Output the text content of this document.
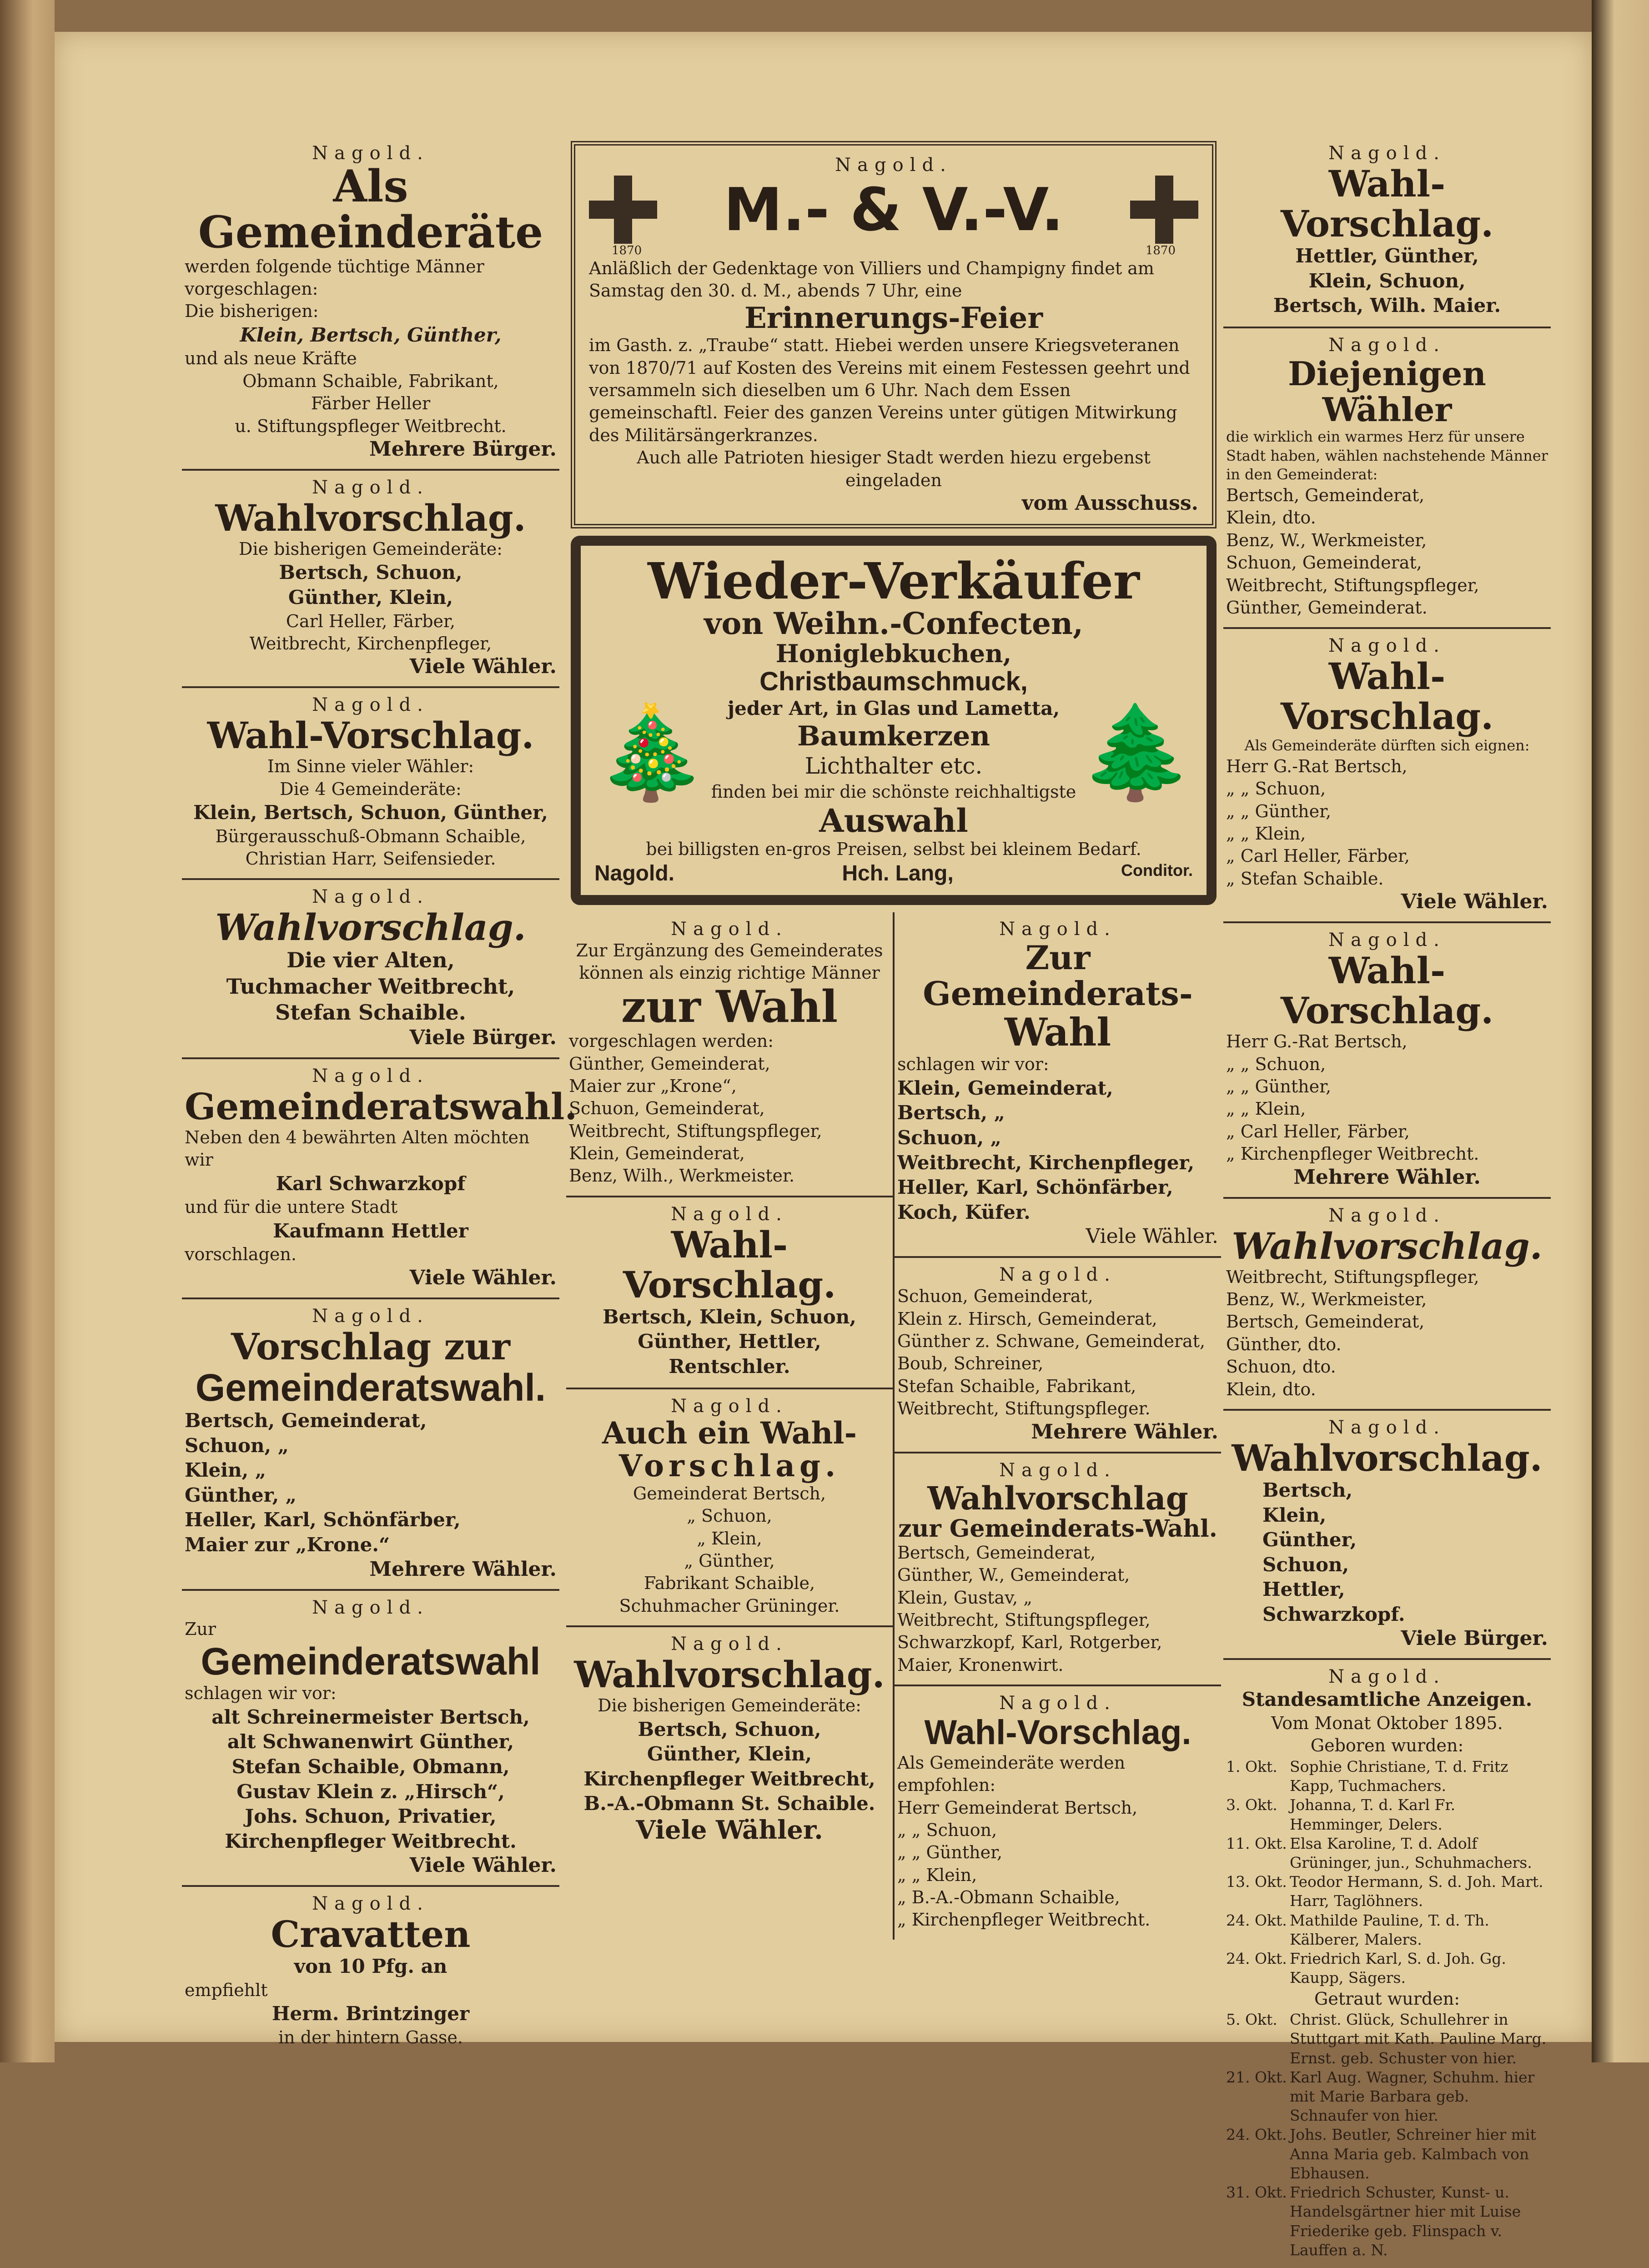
Nagold.
Als Gemeinderäte
werden folgende tüchtige Männer vorgeschlagen:
Die bisherigen:
Klein, Bertsch, Günther,
und als neue Kräfte
Obmann Schaible, Fabrikant,
Färber Heller
u. Stiftungspfleger Weitbrecht.
Mehrere Bürger.
Nagold.
Wahlvorschlag.
Die bisherigen Gemeinderäte:
Bertsch, Schuon,
Günther, Klein,
Carl Heller, Färber,
Weitbrecht, Kirchenpfleger,
Viele Wähler.
Nagold.
Wahl-Vorschlag.
Im Sinne vieler Wähler:
Die 4 Gemeinderäte:
Klein, Bertsch, Schuon, Günther,
Bürgerausschuß-Obmann Schaible,
Christian Harr, Seifensieder.
Nagold.
Wahlvorschlag.
Die vier Alten,
Tuchmacher Weitbrecht,
Stefan Schaible.
Viele Bürger.
Nagold.
Gemeinderatswahl.
Neben den 4 bewährten Alten möchten wir
Karl Schwarzkopf
und für die untere Stadt
Kaufmann Hettler
vorschlagen.
Viele Wähler.
Nagold.
Vorschlag zur
Gemeinderatswahl.
Bertsch, Gemeinderat,
Schuon, „
Klein, „
Günther, „
Heller, Karl, Schönfärber,
Maier zur „Krone.“
Mehrere Wähler.
Nagold.
Zur
Gemeinderatswahl
schlagen wir vor:
alt Schreinermeister Bertsch,
alt Schwanenwirt Günther,
Stefan Schaible, Obmann,
Gustav Klein z. „Hirsch“,
Johs. Schuon, Privatier,
Kirchenpfleger Weitbrecht.
Viele Wähler.
Nagold.
Cravatten
von 10 Pfg. an
empfiehlt
Herm. Brintzinger
in der hintern Gasse.
Nagold.
M.- & V.-V.
1870	1870
Anläßlich der Gedenktage von Villiers und Champigny findet am Samstag den 30. d. M., abends 7 Uhr, eine
Erinnerungs-Feier
im Gasth. z. „Traube“ statt. Hiebei werden unsere Kriegsveteranen von 1870/71 auf Kosten des Vereins mit einem Festessen geehrt und versammeln sich dieselben um 6 Uhr. Nach dem Essen gemeinschaftl. Feier des ganzen Vereins unter gütigen Mitwirkung des Militärsängerkranzes.
Auch alle Patrioten hiesiger Stadt werden hiezu ergebenst eingeladen
vom Ausschuss.
Wieder-Verkäufer
von Weihn.-Confecten,
Honiglebkuchen,
🎄
Christbaumschmuck,
jeder Art, in Glas und Lametta,
Baumkerzen
Lichthalter etc.
finden bei mir die schönste reichhaltigste
Auswahl
🌲
bei billigsten en-gros Preisen, selbst bei kleinem Bedarf.
Nagold.	Hch. Lang,	Conditor.
Nagold.
Zur Ergänzung des Gemeinderates können als einzig richtige Männer
zur Wahl
vorgeschlagen werden:
Günther, Gemeinderat,
Maier zur „Krone“,
Schuon, Gemeinderat,
Weitbrecht, Stiftungspfleger,
Klein, Gemeinderat,
Benz, Wilh., Werkmeister.
Nagold.
Wahl-Vorschlag.
Bertsch, Klein, Schuon,
Günther, Hettler,
Rentschler.
Nagold.
Auch ein Wahl-
Vorschlag.
Gemeinderat Bertsch,
„ Schuon,
„ Klein,
„ Günther,
Fabrikant Schaible,
Schuhmacher Grüninger.
Nagold.
Wahlvorschlag.
Die bisherigen Gemeinderäte:
Bertsch, Schuon,
Günther, Klein,
Kirchenpfleger Weitbrecht,
B.-A.-Obmann St. Schaible.
Viele Wähler.
Nagold.
Zur Gemeinderats-
Wahl
schlagen wir vor:
Klein, Gemeinderat,
Bertsch, „
Schuon, „
Weitbrecht, Kirchenpfleger,
Heller, Karl, Schönfärber,
Koch, Küfer.
Viele Wähler.
Nagold.
Schuon, Gemeinderat,
Klein z. Hirsch, Gemeinderat,
Günther z. Schwane, Gemeinderat,
Boub, Schreiner,
Stefan Schaible, Fabrikant,
Weitbrecht, Stiftungspfleger.
Mehrere Wähler.
Nagold.
Wahlvorschlag
zur Gemeinderats-Wahl.
Bertsch, Gemeinderat,
Günther, W., Gemeinderat,
Klein, Gustav, „
Weitbrecht, Stiftungspfleger,
Schwarzkopf, Karl, Rotgerber,
Maier, Kronenwirt.
Nagold.
Wahl-Vorschlag.
Als Gemeinderäte werden empfohlen:
Herr Gemeinderat Bertsch,
„ „ Schuon,
„ „ Günther,
„ „ Klein,
„ B.-A.-Obmann Schaible,
„ Kirchenpfleger Weitbrecht.
Nagold.
Wahl-Vorschlag.
Hettler, Günther,
Klein, Schuon,
Bertsch, Wilh. Maier.
Nagold.
Diejenigen Wähler
die wirklich ein warmes Herz für unsere Stadt haben, wählen nachstehende Männer in den Gemeinderat:
Bertsch, Gemeinderat,
Klein, dto.
Benz, W., Werkmeister,
Schuon, Gemeinderat,
Weitbrecht, Stiftungspfleger,
Günther, Gemeinderat.
Nagold.
Wahl-Vorschlag.
Als Gemeinderäte dürften sich eignen:
Herr G.-Rat Bertsch,
„ „ Schuon,
„ „ Günther,
„ „ Klein,
„ Carl Heller, Färber,
„ Stefan Schaible.
Viele Wähler.
Nagold.
Wahl-Vorschlag.
Herr G.-Rat Bertsch,
„ „ Schuon,
„ „ Günther,
„ „ Klein,
„ Carl Heller, Färber,
„ Kirchenpfleger Weitbrecht.
Mehrere Wähler.
Nagold.
Wahlvorschlag.
Weitbrecht, Stiftungspfleger,
Benz, W., Werkmeister,
Bertsch, Gemeinderat,
Günther, dto.
Schuon, dto.
Klein, dto.
Nagold.
Wahlvorschlag.
Bertsch,
Klein,
Günther,
Schuon,
Hettler,
Schwarzkopf.
Viele Bürger.
Nagold.
Standesamtliche Anzeigen.
Vom Monat Oktober 1895.
Geboren wurden:
1. Okt. Sophie Christiane, T. d. Fritz Kapp, Tuchmachers.
3. Okt. Johanna, T. d. Karl Fr. Hemminger, Delers.
11. Okt. Elsa Karoline, T. d. Adolf Grüninger, jun., Schuhmachers.
13. Okt. Teodor Hermann, S. d. Joh. Mart. Harr, Taglöhners.
24. Okt. Mathilde Pauline, T. d. Th. Kälberer, Malers.
24. Okt. Friedrich Karl, S. d. Joh. Gg. Kaupp, Sägers.
Getraut wurden:
5. Okt. Christ. Glück, Schullehrer in Stuttgart mit Kath. Pauline Marg. Ernst. geb. Schuster von hier.
21. Okt. Karl Aug. Wagner, Schuhm. hier mit Marie Barbara geb. Schnaufer von hier.
24. Okt. Johs. Beutler, Schreiner hier mit Anna Maria geb. Kalmbach von Ebhausen.
31. Okt. Friedrich Schuster, Kunst- u. Handelsgärtner hier mit Luise Friederike geb. Flinspach v. Lauffen a. N.
